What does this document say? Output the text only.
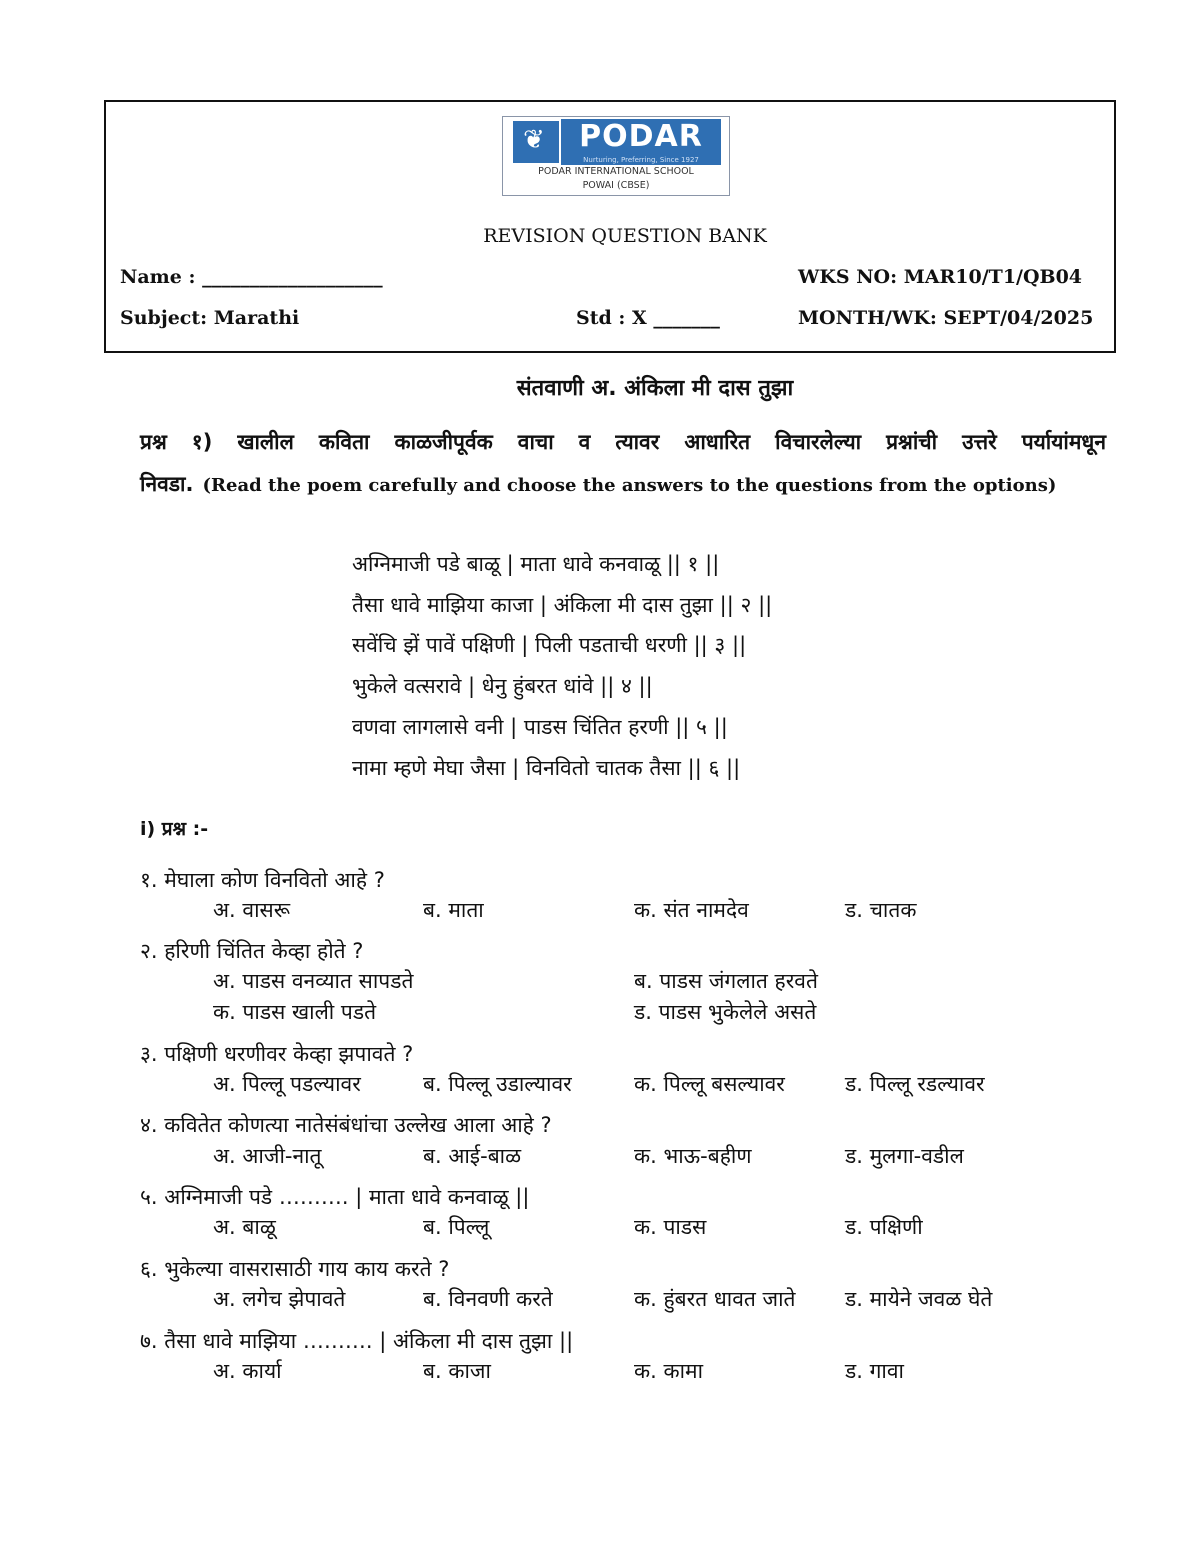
❦	PODAR
Nurturing, Preferring, Since 1927
PODAR INTERNATIONAL SCHOOL
POWAI (CBSE)
REVISION QUESTION BANK
Name : ___________________	WKS NO: MAR10/T1/QB04
Subject: Marathi	Std : X _______	MONTH/WK: SEPT/04/2025
संतवाणी अ. अंकिला मी दास तुझा
प्रश्न १) खालील कविता काळजीपूर्वक वाचा व त्यावर आधारित विचारलेल्या प्रश्नांची उत्तरे पर्यायांमधून
निवडा. (Read the poem carefully and choose the answers to the questions from the options)
अग्निमाजी पडे बाळू | माता धावे कनवाळू || १ ||
तैसा धावे माझिया काजा | अंकिला मी दास तुझा || २ ||
सवेंचि झें पावें पक्षिणी | पिली पडताची धरणी || ३ ||
भुकेले वत्सरावे | धेनु हुंबरत धांवे || ४ ||
वणवा लागलासे वनी | पाडस चिंतित हरणी || ५ ||
नामा म्हणे मेघा जैसा | विनवितो चातक तैसा || ६ ||
i) प्रश्न :-
१. मेघाला कोण विनवितो आहे ?
अ. वासरू	ब. माता	क. संत नामदेव	ड. चातक
२. हरिणी चिंतित केव्हा होते ?
अ. पाडस वनव्यात सापडते	ब. पाडस जंगलात हरवते
क. पाडस खाली पडते	ड. पाडस भुकेलेले असते
३. पक्षिणी धरणीवर केव्हा झपावते ?
अ. पिल्लू पडल्यावर	ब. पिल्लू उडाल्यावर	क. पिल्लू बसल्यावर	ड. पिल्लू रडल्यावर
४. कवितेत कोणत्या नातेसंबंधांचा उल्लेख आला आहे ?
अ. आजी-नातू	ब. आई-बाळ	क. भाऊ-बहीण	ड. मुलगा-वडील
५. अग्निमाजी पडे ………. | माता धावे कनवाळू ||
अ. बाळू	ब. पिल्लू	क. पाडस	ड. पक्षिणी
६. भुकेल्या वासरासाठी गाय काय करते ?
अ. लगेच झेपावते	ब. विनवणी करते	क. हुंबरत धावत जाते ड. मायेने जवळ घेते
७. तैसा धावे माझिया ………. | अंकिला मी दास तुझा ||
अ. कार्या	ब. काजा	क. कामा	ड. गावा
